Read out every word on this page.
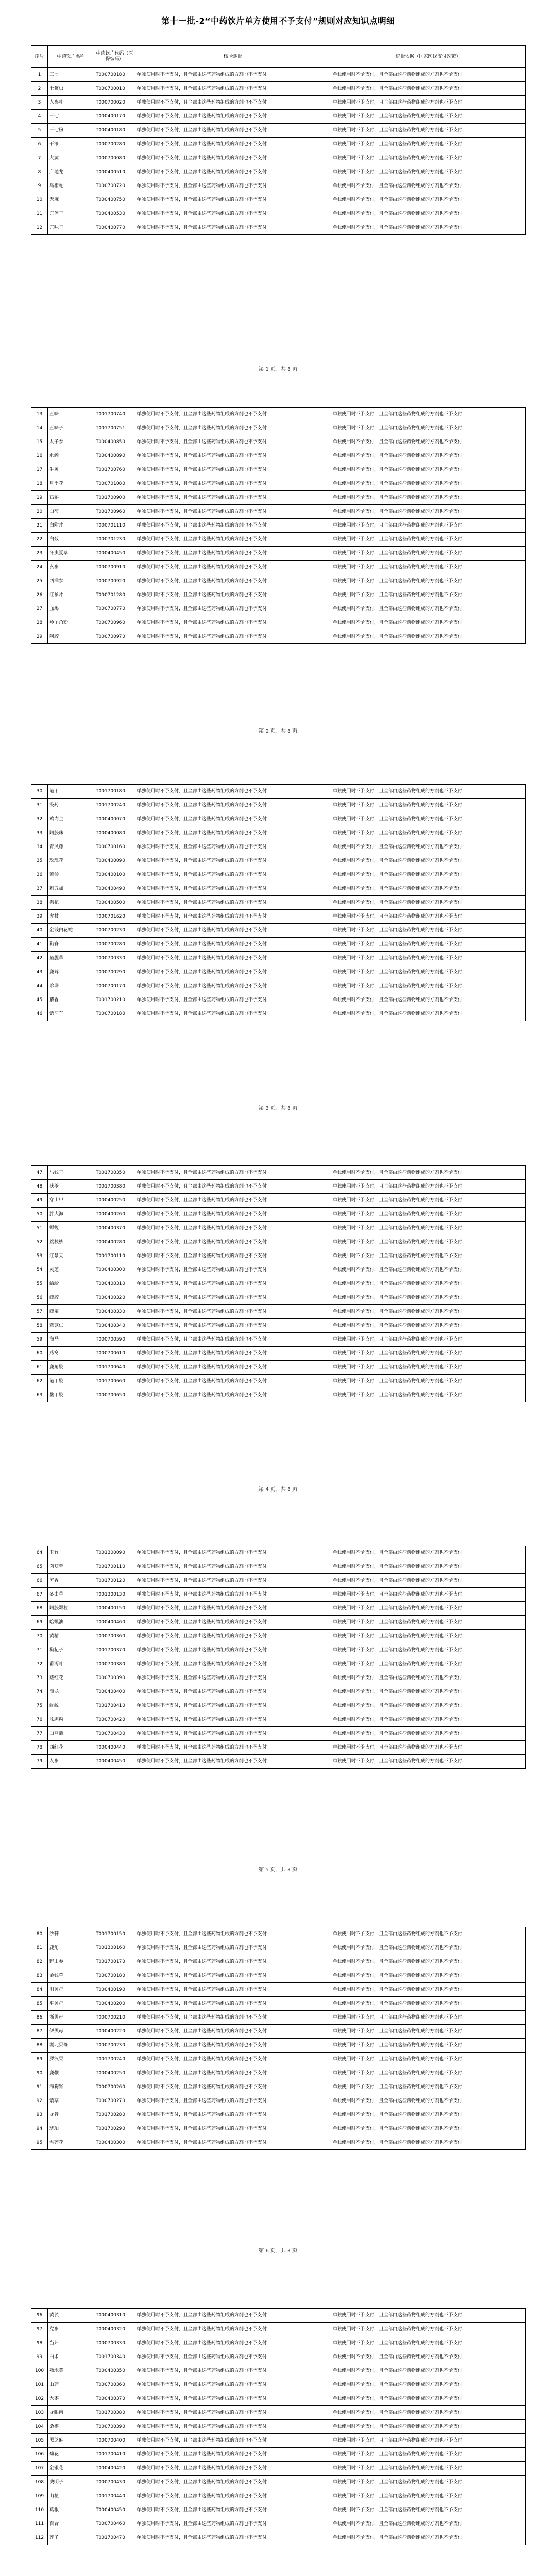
第十一批-2“中药饮片单方使用不予支付”规则对应知识点明细
序号	中药饮片名称	中药饮片代码（医保编码）	校验逻辑	逻辑依据（国家医保支付政策）
1	三七	T000700180	单独使用时不予支付，且全部由这些药物组成的方剂也不予支付	单独使用时不予支付，且全部由这些药物组成的方剂也不予支付
2	土鳖虫	T000700010	单独使用时不予支付，且全部由这些药物组成的方剂也不予支付	单独使用时不予支付，且全部由这些药物组成的方剂也不予支付
3	人参叶	T000700020	单独使用时不予支付，且全部由这些药物组成的方剂也不予支付	单独使用时不予支付，且全部由这些药物组成的方剂也不予支付
4	三七	T000400170	单独使用时不予支付，且全部由这些药物组成的方剂也不予支付	单独使用时不予支付，且全部由这些药物组成的方剂也不予支付
5	三七粉	T000400180	单独使用时不予支付，且全部由这些药物组成的方剂也不予支付	单独使用时不予支付，且全部由这些药物组成的方剂也不予支付
6	干漆	T000700280	单独使用时不予支付，且全部由这些药物组成的方剂也不予支付	单独使用时不予支付，且全部由这些药物组成的方剂也不予支付
7	大黄	T000700080	单独使用时不予支付，且全部由这些药物组成的方剂也不予支付	单独使用时不予支付，且全部由这些药物组成的方剂也不予支付
8	广地龙	T000400510	单独使用时不予支付，且全部由这些药物组成的方剂也不予支付	单独使用时不予支付，且全部由这些药物组成的方剂也不予支付
9	乌梢蛇	T000700720	单独使用时不予支付，且全部由这些药物组成的方剂也不予支付	单独使用时不予支付，且全部由这些药物组成的方剂也不予支付
10	天麻	T000400750	单独使用时不予支付，且全部由这些药物组成的方剂也不予支付	单独使用时不予支付，且全部由这些药物组成的方剂也不予支付
11	五倍子	T000400530	单独使用时不予支付，且全部由这些药物组成的方剂也不予支付	单独使用时不予支付，且全部由这些药物组成的方剂也不予支付
12	五味子	T000400770	单独使用时不予支付，且全部由这些药物组成的方剂也不予支付	单独使用时不予支付，且全部由这些药物组成的方剂也不予支付
第 1 页，共 8 页
13	五味	T001700740	单独使用时不予支付，且全部由这些药物组成的方剂也不予支付	单独使用时不予支付，且全部由这些药物组成的方剂也不予支付
14	五味子	T001700751	单独使用时不予支付，且全部由这些药物组成的方剂也不予支付	单独使用时不予支付，且全部由这些药物组成的方剂也不予支付
15	太子参	T000400850	单独使用时不予支付，且全部由这些药物组成的方剂也不予支付	单独使用时不予支付，且全部由这些药物组成的方剂也不予支付
16	水蛭	T000400890	单独使用时不予支付，且全部由这些药物组成的方剂也不予支付	单独使用时不予支付，且全部由这些药物组成的方剂也不予支付
17	牛黄	T001700760	单独使用时不予支付，且全部由这些药物组成的方剂也不予支付	单独使用时不予支付，且全部由这些药物组成的方剂也不予支付
18	月季花	T000701080	单独使用时不予支付，且全部由这些药物组成的方剂也不予支付	单独使用时不予支付，且全部由这些药物组成的方剂也不予支付
19	石斛	T001700900	单独使用时不予支付，且全部由这些药物组成的方剂也不予支付	单独使用时不予支付，且全部由这些药物组成的方剂也不予支付
20	白芍	T001700960	单独使用时不予支付，且全部由这些药物组成的方剂也不予支付	单独使用时不予支付，且全部由这些药物组成的方剂也不予支付
21	白附片	T000701110	单独使用时不予支付，且全部由这些药物组成的方剂也不予支付	单独使用时不予支付，且全部由这些药物组成的方剂也不予支付
22	白蔹	T000701230	单独使用时不予支付，且全部由这些药物组成的方剂也不予支付	单独使用时不予支付，且全部由这些药物组成的方剂也不予支付
23	冬虫夏草	T000400450	单独使用时不予支付，且全部由这些药物组成的方剂也不予支付	单独使用时不予支付，且全部由这些药物组成的方剂也不予支付
24	玄参	T000700910	单独使用时不予支付，且全部由这些药物组成的方剂也不予支付	单独使用时不予支付，且全部由这些药物组成的方剂也不予支付
25	西洋参	T000700920	单独使用时不予支付，且全部由这些药物组成的方剂也不予支付	单独使用时不予支付，且全部由这些药物组成的方剂也不予支付
26	红参片	T000701280	单独使用时不予支付，且全部由这些药物组成的方剂也不予支付	单独使用时不予支付，且全部由这些药物组成的方剂也不予支付
27	血竭	T000700770	单独使用时不予支付，且全部由这些药物组成的方剂也不予支付	单独使用时不予支付，且全部由这些药物组成的方剂也不予支付
28	羚羊角粉	T000700960	单独使用时不予支付，且全部由这些药物组成的方剂也不予支付	单独使用时不予支付，且全部由这些药物组成的方剂也不予支付
29	阿胶	T000700970	单独使用时不予支付，且全部由这些药物组成的方剂也不予支付	单独使用时不予支付，且全部由这些药物组成的方剂也不予支付
第 2 页，共 8 页
30	龟甲	T001700180	单独使用时不予支付，且全部由这些药物组成的方剂也不予支付	单独使用时不予支付，且全部由这些药物组成的方剂也不予支付
31	没药	T001700240	单独使用时不予支付，且全部由这些药物组成的方剂也不予支付	单独使用时不予支付，且全部由这些药物组成的方剂也不予支付
32	鸡内金	T000400070	单独使用时不予支付，且全部由这些药物组成的方剂也不予支付	单独使用时不予支付，且全部由这些药物组成的方剂也不予支付
33	阿胶珠	T000400080	单独使用时不予支付，且全部由这些药物组成的方剂也不予支付	单独使用时不予支付，且全部由这些药物组成的方剂也不予支付
34	青风藤	T000700160	单独使用时不予支付，且全部由这些药物组成的方剂也不予支付	单独使用时不予支付，且全部由这些药物组成的方剂也不予支付
35	玫瑰花	T000400090	单独使用时不予支付，且全部由这些药物组成的方剂也不予支付	单独使用时不予支付，且全部由这些药物组成的方剂也不予支付
36	苦参	T000400100	单独使用时不予支付，且全部由这些药物组成的方剂也不予支付	单独使用时不予支付，且全部由这些药物组成的方剂也不予支付
37	刺五加	T000400490	单独使用时不予支付，且全部由这些药物组成的方剂也不予支付	单独使用时不予支付，且全部由这些药物组成的方剂也不予支付
38	枸杞	T000400500	单独使用时不予支付，且全部由这些药物组成的方剂也不予支付	单独使用时不予支付，且全部由这些药物组成的方剂也不予支付
39	虎杖	T000701620	单独使用时不予支付，且全部由这些药物组成的方剂也不予支付	单独使用时不予支付，且全部由这些药物组成的方剂也不予支付
40	金钱白花蛇	T000700230	单独使用时不予支付，且全部由这些药物组成的方剂也不予支付	单独使用时不予支付，且全部由这些药物组成的方剂也不予支付
41	狗脊	T000700280	单独使用时不予支付，且全部由这些药物组成的方剂也不予支付	单独使用时不予支付，且全部由这些药物组成的方剂也不予支付
42	鱼腥草	T000700330	单独使用时不予支付，且全部由这些药物组成的方剂也不予支付	单独使用时不予支付，且全部由这些药物组成的方剂也不予支付
43	鹿茸	T000700290	单独使用时不予支付，且全部由这些药物组成的方剂也不予支付	单独使用时不予支付，且全部由这些药物组成的方剂也不予支付
44	珍珠	T000700170	单独使用时不予支付，且全部由这些药物组成的方剂也不予支付	单独使用时不予支付，且全部由这些药物组成的方剂也不予支付
45	麝香	T001700210	单独使用时不予支付，且全部由这些药物组成的方剂也不予支付	单独使用时不予支付，且全部由这些药物组成的方剂也不予支付
46	紫河车	T000700180	单独使用时不予支付，且全部由这些药物组成的方剂也不予支付	单独使用时不予支付，且全部由这些药物组成的方剂也不予支付
第 3 页，共 8 页
47	马钱子	T001700350	单独使用时不予支付，且全部由这些药物组成的方剂也不予支付	单独使用时不予支付，且全部由这些药物组成的方剂也不予支付
48	茯苓	T001700380	单独使用时不予支付，且全部由这些药物组成的方剂也不予支付	单独使用时不予支付，且全部由这些药物组成的方剂也不予支付
49	穿山甲	T000400250	单独使用时不予支付，且全部由这些药物组成的方剂也不予支付	单独使用时不予支付，且全部由这些药物组成的方剂也不予支付
50	胖大海	T000400260	单独使用时不予支付，且全部由这些药物组成的方剂也不予支付	单独使用时不予支付，且全部由这些药物组成的方剂也不予支付
51	蝉蜕	T000400370	单独使用时不予支付，且全部由这些药物组成的方剂也不予支付	单独使用时不予支付，且全部由这些药物组成的方剂也不予支付
52	荔枝核	T000400280	单独使用时不予支付，且全部由这些药物组成的方剂也不予支付	单独使用时不予支付，且全部由这些药物组成的方剂也不予支付
53	红景天	T001700110	单独使用时不予支付，且全部由这些药物组成的方剂也不予支付	单独使用时不予支付，且全部由这些药物组成的方剂也不予支付
54	灵芝	T000400300	单独使用时不予支付，且全部由这些药物组成的方剂也不予支付	单独使用时不予支付，且全部由这些药物组成的方剂也不予支付
55	蛤蚧	T000400310	单独使用时不予支付，且全部由这些药物组成的方剂也不予支付	单独使用时不予支付，且全部由这些药物组成的方剂也不予支付
56	蜂胶	T000400320	单独使用时不予支付，且全部由这些药物组成的方剂也不予支付	单独使用时不予支付，且全部由这些药物组成的方剂也不予支付
57	蜂蜜	T000400330	单独使用时不予支付，且全部由这些药物组成的方剂也不予支付	单独使用时不予支付，且全部由这些药物组成的方剂也不予支付
58	薏苡仁	T000400340	单独使用时不予支付，且全部由这些药物组成的方剂也不予支付	单独使用时不予支付，且全部由这些药物组成的方剂也不予支付
59	海马	T000700590	单独使用时不予支付，且全部由这些药物组成的方剂也不予支付	单独使用时不予支付，且全部由这些药物组成的方剂也不予支付
60	燕窝	T000700610	单独使用时不予支付，且全部由这些药物组成的方剂也不予支付	单独使用时不予支付，且全部由这些药物组成的方剂也不予支付
61	鹿角胶	T001700640	单独使用时不予支付，且全部由这些药物组成的方剂也不予支付	单独使用时不予支付，且全部由这些药物组成的方剂也不予支付
62	龟甲胶	T001700660	单独使用时不予支付，且全部由这些药物组成的方剂也不予支付	单独使用时不予支付，且全部由这些药物组成的方剂也不予支付
63	鳖甲胶	T000700650	单独使用时不予支付，且全部由这些药物组成的方剂也不予支付	单独使用时不予支付，且全部由这些药物组成的方剂也不予支付
第 4 页，共 8 页
64	玉竹	T001300090	单独使用时不予支付，且全部由这些药物组成的方剂也不予支付	单独使用时不予支付，且全部由这些药物组成的方剂也不予支付
65	肉苁蓉	T001700110	单独使用时不予支付，且全部由这些药物组成的方剂也不予支付	单独使用时不予支付，且全部由这些药物组成的方剂也不予支付
66	沉香	T001700120	单独使用时不予支付，且全部由这些药物组成的方剂也不予支付	单独使用时不予支付，且全部由这些药物组成的方剂也不予支付
67	冬虫草	T001300130	单独使用时不予支付，且全部由这些药物组成的方剂也不予支付	单独使用时不予支付，且全部由这些药物组成的方剂也不予支付
68	阿胶颗粒	T000400150	单独使用时不予支付，且全部由这些药物组成的方剂也不予支付	单独使用时不予支付，且全部由这些药物组成的方剂也不予支付
69	哈蟆油	T000400460	单独使用时不予支付，且全部由这些药物组成的方剂也不予支付	单独使用时不予支付，且全部由这些药物组成的方剂也不予支付
70	黄精	T000700360	单独使用时不予支付，且全部由这些药物组成的方剂也不予支付	单独使用时不予支付，且全部由这些药物组成的方剂也不予支付
71	枸杞子	T001700370	单独使用时不予支付，且全部由这些药物组成的方剂也不予支付	单独使用时不予支付，且全部由这些药物组成的方剂也不予支付
72	番泻叶	T000700380	单独使用时不予支付，且全部由这些药物组成的方剂也不予支付	单独使用时不予支付，且全部由这些药物组成的方剂也不予支付
73	藏红花	T000700390	单独使用时不予支付，且全部由这些药物组成的方剂也不予支付	单独使用时不予支付，且全部由这些药物组成的方剂也不予支付
74	海龙	T000400400	单独使用时不予支付，且全部由这些药物组成的方剂也不予支付	单独使用时不予支付，且全部由这些药物组成的方剂也不予支付
75	蛇蜕	T001700410	单独使用时不予支付，且全部由这些药物组成的方剂也不予支付	单独使用时不予支付，且全部由这些药物组成的方剂也不予支付
76	熊胆粉	T000700420	单独使用时不予支付，且全部由这些药物组成的方剂也不予支付	单独使用时不予支付，且全部由这些药物组成的方剂也不予支付
77	白豆蔻	T000700430	单独使用时不予支付，且全部由这些药物组成的方剂也不予支付	单独使用时不予支付，且全部由这些药物组成的方剂也不予支付
78	西红花	T000400440	单独使用时不予支付，且全部由这些药物组成的方剂也不予支付	单独使用时不予支付，且全部由这些药物组成的方剂也不予支付
79	人参	T000400450	单独使用时不予支付，且全部由这些药物组成的方剂也不予支付	单独使用时不予支付，且全部由这些药物组成的方剂也不予支付
第 5 页，共 8 页
80	沙棘	T001700150	单独使用时不予支付，且全部由这些药物组成的方剂也不予支付	单独使用时不予支付，且全部由这些药物组成的方剂也不予支付
81	鹿角	T001300160	单独使用时不予支付，且全部由这些药物组成的方剂也不予支付	单独使用时不予支付，且全部由这些药物组成的方剂也不予支付
82	野山参	T001700170	单独使用时不予支付，且全部由这些药物组成的方剂也不予支付	单独使用时不予支付，且全部由这些药物组成的方剂也不予支付
83	金钱草	T000700180	单独使用时不予支付，且全部由这些药物组成的方剂也不予支付	单独使用时不予支付，且全部由这些药物组成的方剂也不予支付
84	川贝母	T000400190	单独使用时不予支付，且全部由这些药物组成的方剂也不予支付	单独使用时不予支付，且全部由这些药物组成的方剂也不予支付
85	平贝母	T000400200	单独使用时不予支付，且全部由这些药物组成的方剂也不予支付	单独使用时不予支付，且全部由这些药物组成的方剂也不予支付
86	浙贝母	T000700210	单独使用时不予支付，且全部由这些药物组成的方剂也不予支付	单独使用时不予支付，且全部由这些药物组成的方剂也不予支付
87	伊贝母	T000400220	单独使用时不予支付，且全部由这些药物组成的方剂也不予支付	单独使用时不予支付，且全部由这些药物组成的方剂也不予支付
88	湖北贝母	T000700230	单独使用时不予支付，且全部由这些药物组成的方剂也不予支付	单独使用时不予支付，且全部由这些药物组成的方剂也不予支付
89	罗汉果	T001700240	单独使用时不予支付，且全部由这些药物组成的方剂也不予支付	单独使用时不予支付，且全部由这些药物组成的方剂也不予支付
90	鹿鞭	T000400250	单独使用时不予支付，且全部由这些药物组成的方剂也不予支付	单独使用时不予支付，且全部由这些药物组成的方剂也不予支付
91	海狗肾	T000700260	单独使用时不予支付，且全部由这些药物组成的方剂也不予支付	单独使用时不予支付，且全部由这些药物组成的方剂也不予支付
92	紫草	T000700270	单独使用时不予支付，且全部由这些药物组成的方剂也不予支付	单独使用时不予支付，且全部由这些药物组成的方剂也不予支付
93	龙骨	T001700280	单独使用时不予支付，且全部由这些药物组成的方剂也不予支付	单独使用时不予支付，且全部由这些药物组成的方剂也不予支付
94	琥珀	T001700290	单独使用时不予支付，且全部由这些药物组成的方剂也不予支付	单独使用时不予支付，且全部由这些药物组成的方剂也不予支付
95	雪莲花	T000400300	单独使用时不予支付，且全部由这些药物组成的方剂也不予支付	单独使用时不予支付，且全部由这些药物组成的方剂也不予支付
第 6 页，共 8 页
96	黄芪	T000400310	单独使用时不予支付，且全部由这些药物组成的方剂也不予支付	单独使用时不予支付，且全部由这些药物组成的方剂也不予支付
97	党参	T000400320	单独使用时不予支付，且全部由这些药物组成的方剂也不予支付	单独使用时不予支付，且全部由这些药物组成的方剂也不予支付
98	当归	T000700330	单独使用时不予支付，且全部由这些药物组成的方剂也不予支付	单独使用时不予支付，且全部由这些药物组成的方剂也不予支付
99	白术	T001700340	单独使用时不予支付，且全部由这些药物组成的方剂也不予支付	单独使用时不予支付，且全部由这些药物组成的方剂也不予支付
100	熟地黄	T000400350	单独使用时不予支付，且全部由这些药物组成的方剂也不予支付	单独使用时不予支付，且全部由这些药物组成的方剂也不予支付
101	山药	T000700360	单独使用时不予支付，且全部由这些药物组成的方剂也不予支付	单独使用时不予支付，且全部由这些药物组成的方剂也不予支付
102	大枣	T000400370	单独使用时不予支付，且全部由这些药物组成的方剂也不予支付	单独使用时不予支付，且全部由这些药物组成的方剂也不予支付
103	龙眼肉	T001700380	单独使用时不予支付，且全部由这些药物组成的方剂也不予支付	单独使用时不予支付，且全部由这些药物组成的方剂也不予支付
104	桑椹	T000700390	单独使用时不予支付，且全部由这些药物组成的方剂也不予支付	单独使用时不予支付，且全部由这些药物组成的方剂也不予支付
105	黑芝麻	T000700400	单独使用时不予支付，且全部由这些药物组成的方剂也不予支付	单独使用时不予支付，且全部由这些药物组成的方剂也不予支付
106	菊花	T001700410	单独使用时不予支付，且全部由这些药物组成的方剂也不予支付	单独使用时不予支付，且全部由这些药物组成的方剂也不予支付
107	金银花	T000400420	单独使用时不予支付，且全部由这些药物组成的方剂也不予支付	单独使用时不予支付，且全部由这些药物组成的方剂也不予支付
108	决明子	T000700430	单独使用时不予支付，且全部由这些药物组成的方剂也不予支付	单独使用时不予支付，且全部由这些药物组成的方剂也不予支付
109	山楂	T001700440	单独使用时不予支付，且全部由这些药物组成的方剂也不予支付	单独使用时不予支付，且全部由这些药物组成的方剂也不予支付
110	葛根	T000400450	单独使用时不予支付，且全部由这些药物组成的方剂也不予支付	单独使用时不予支付，且全部由这些药物组成的方剂也不予支付
111	百合	T000700460	单独使用时不予支付，且全部由这些药物组成的方剂也不予支付	单独使用时不予支付，且全部由这些药物组成的方剂也不予支付
112	莲子	T001700470	单独使用时不予支付，且全部由这些药物组成的方剂也不予支付	单独使用时不予支付，且全部由这些药物组成的方剂也不予支付
